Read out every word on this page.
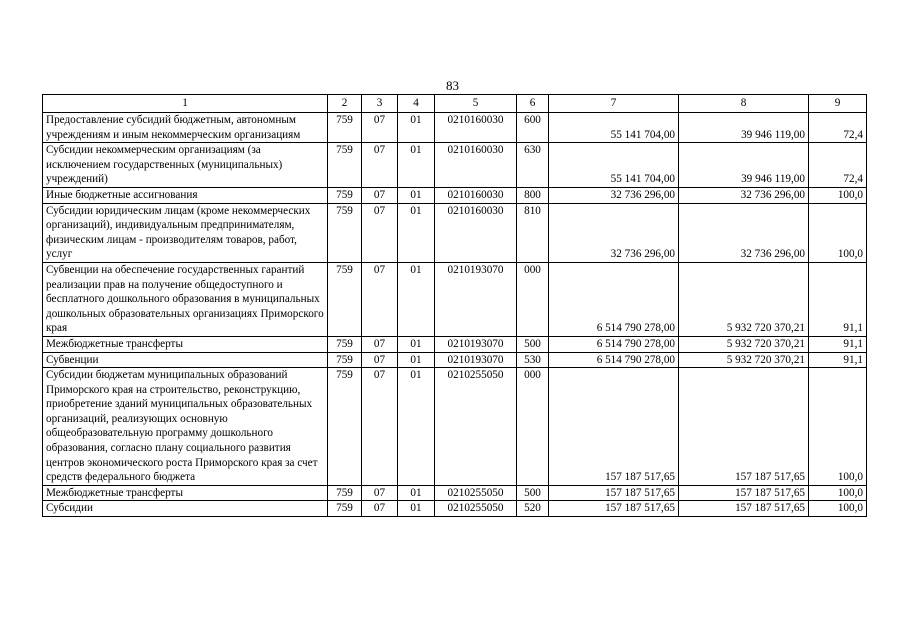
83
1	2	3	4	5	6	7	8	9
Предоставление субсидий бюджетным, автономным учреждениям и иным некоммерческим организациям	759	07	01	0210160030	600	55 141 704,00	39 946 119,00	72,4
Субсидии некоммерческим организациям (за исключением государственных (муниципальных) учреждений)	759	07	01	0210160030	630	55 141 704,00	39 946 119,00	72,4
Иные бюджетные ассигнования	759	07	01	0210160030	800	32 736 296,00	32 736 296,00	100,0
Субсидии юридическим лицам (кроме некоммерческих организаций), индивидуальным предпринимателям, физическим лицам - производителям товаров, работ, услуг	759	07	01	0210160030	810	32 736 296,00	32 736 296,00	100,0
Субвенции на обеспечение государственных гарантий реализации прав на получение общедоступного и бесплатного дошкольного образования в муниципальных дошкольных образовательных организациях Приморского края	759	07	01	0210193070	000	6 514 790 278,00	5 932 720 370,21	91,1
Межбюджетные трансферты	759	07	01	0210193070	500	6 514 790 278,00	5 932 720 370,21	91,1
Субвенции	759	07	01	0210193070	530	6 514 790 278,00	5 932 720 370,21	91,1
Субсидии бюджетам муниципальных образований Приморского края на строительство, реконструкцию, приобретение зданий муниципальных образовательных организаций, реализующих основную общеобразовательную программу дошкольного образования, согласно плану социального развития центров экономического роста Приморского края за счет средств федерального бюджета	759	07	01	0210255050	000	157 187 517,65	157 187 517,65	100,0
Межбюджетные трансферты	759	07	01	0210255050	500	157 187 517,65	157 187 517,65	100,0
Субсидии	759	07	01	0210255050	520	157 187 517,65	157 187 517,65	100,0
